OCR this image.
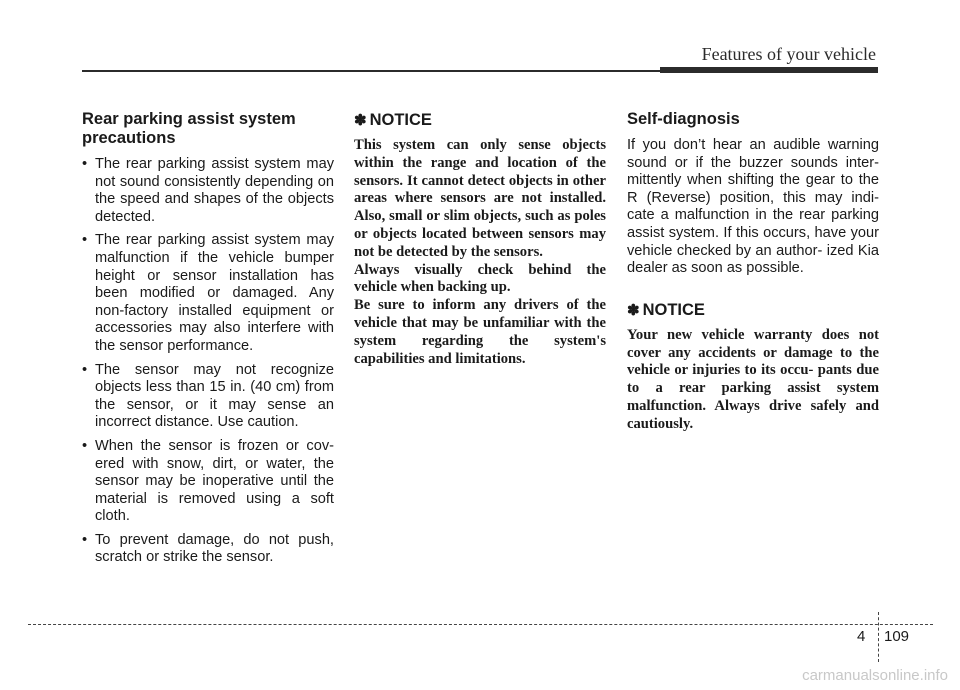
Features of your vehicle
Rear parking assist system precautions
• The rear parking assist system may not sound consistently depending on the speed and shapes of the objects detected.
• The rear parking assist system may malfunction if the vehicle bumper height or sensor installation has been modified or damaged. Any non-factory installed equipment or accessories may also interfere with the sensor performance.
• The sensor may not recognize objects less than 15 in. (40 cm) from the sensor, or it may sense an incorrect distance. Use caution.
• When the sensor is frozen or cov- ered with snow, dirt, or water, the sensor may be inoperative until the material is removed using a soft cloth.
• To prevent damage, do not push, scratch or strike the sensor.
✽ NOTICE

This system can only sense objects within the range and location of the sensors. It cannot detect objects in other areas where sensors are not installed. Also, small or slim objects, such as poles or objects located between sensors may not be detected by the sensors.

Always visually check behind the vehicle when backing up.

Be sure to inform any drivers of the vehicle that may be unfamiliar with the system regarding the system's capabilities and limitations.

Self-diagnosis

If you don’t hear an audible warning sound or if the buzzer sounds inter- mittently when shifting the gear to the R (Reverse) position, this may indi- cate a malfunction in the rear parking assist system. If this occurs, have your vehicle checked by an author- ized Kia dealer as soon as possible.

✽ NOTICE

Your new vehicle warranty does not cover any accidents or damage to the vehicle or injuries to its occu- pants due to a rear parking assist system malfunction. Always drive safely and cautiously.

4 109
carmanualsonline.info
